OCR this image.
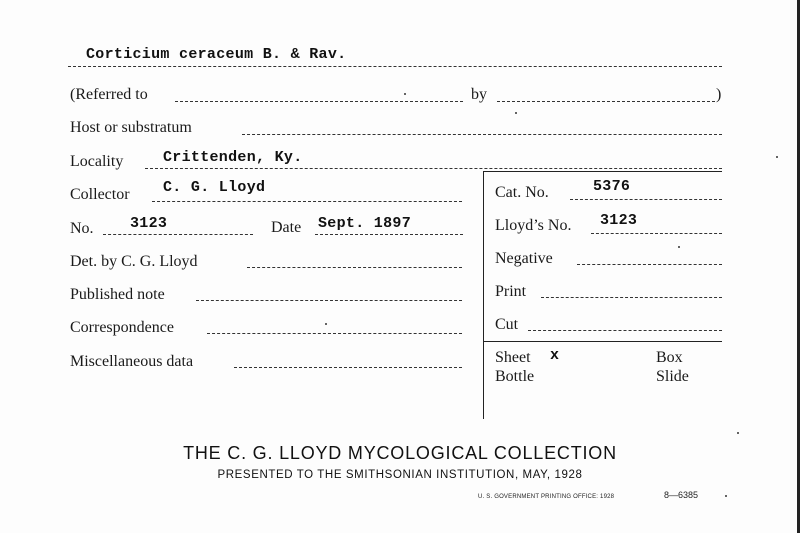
Corticium ceraceum B. & Rav.
(Referred to	by	)
Host or substratum
Locality	Crittenden, Ky.
Collector C. G. Lloyd	Cat. No.	5376
No. 3123	Date Sept. 1897	Lloyd’s No. 3123
Det. by C. G. Lloyd	Negative
Published note	Print
Correspondence	Cut
Miscellaneous data	Sheet x	Box
Bottle	Slide
THE C. G. LLOYD MYCOLOGICAL COLLECTION
PRESENTED TO THE SMITHSONIAN INSTITUTION, MAY, 1928
U. S. GOVERNMENT PRINTING OFFICE: 1928	8—6385
